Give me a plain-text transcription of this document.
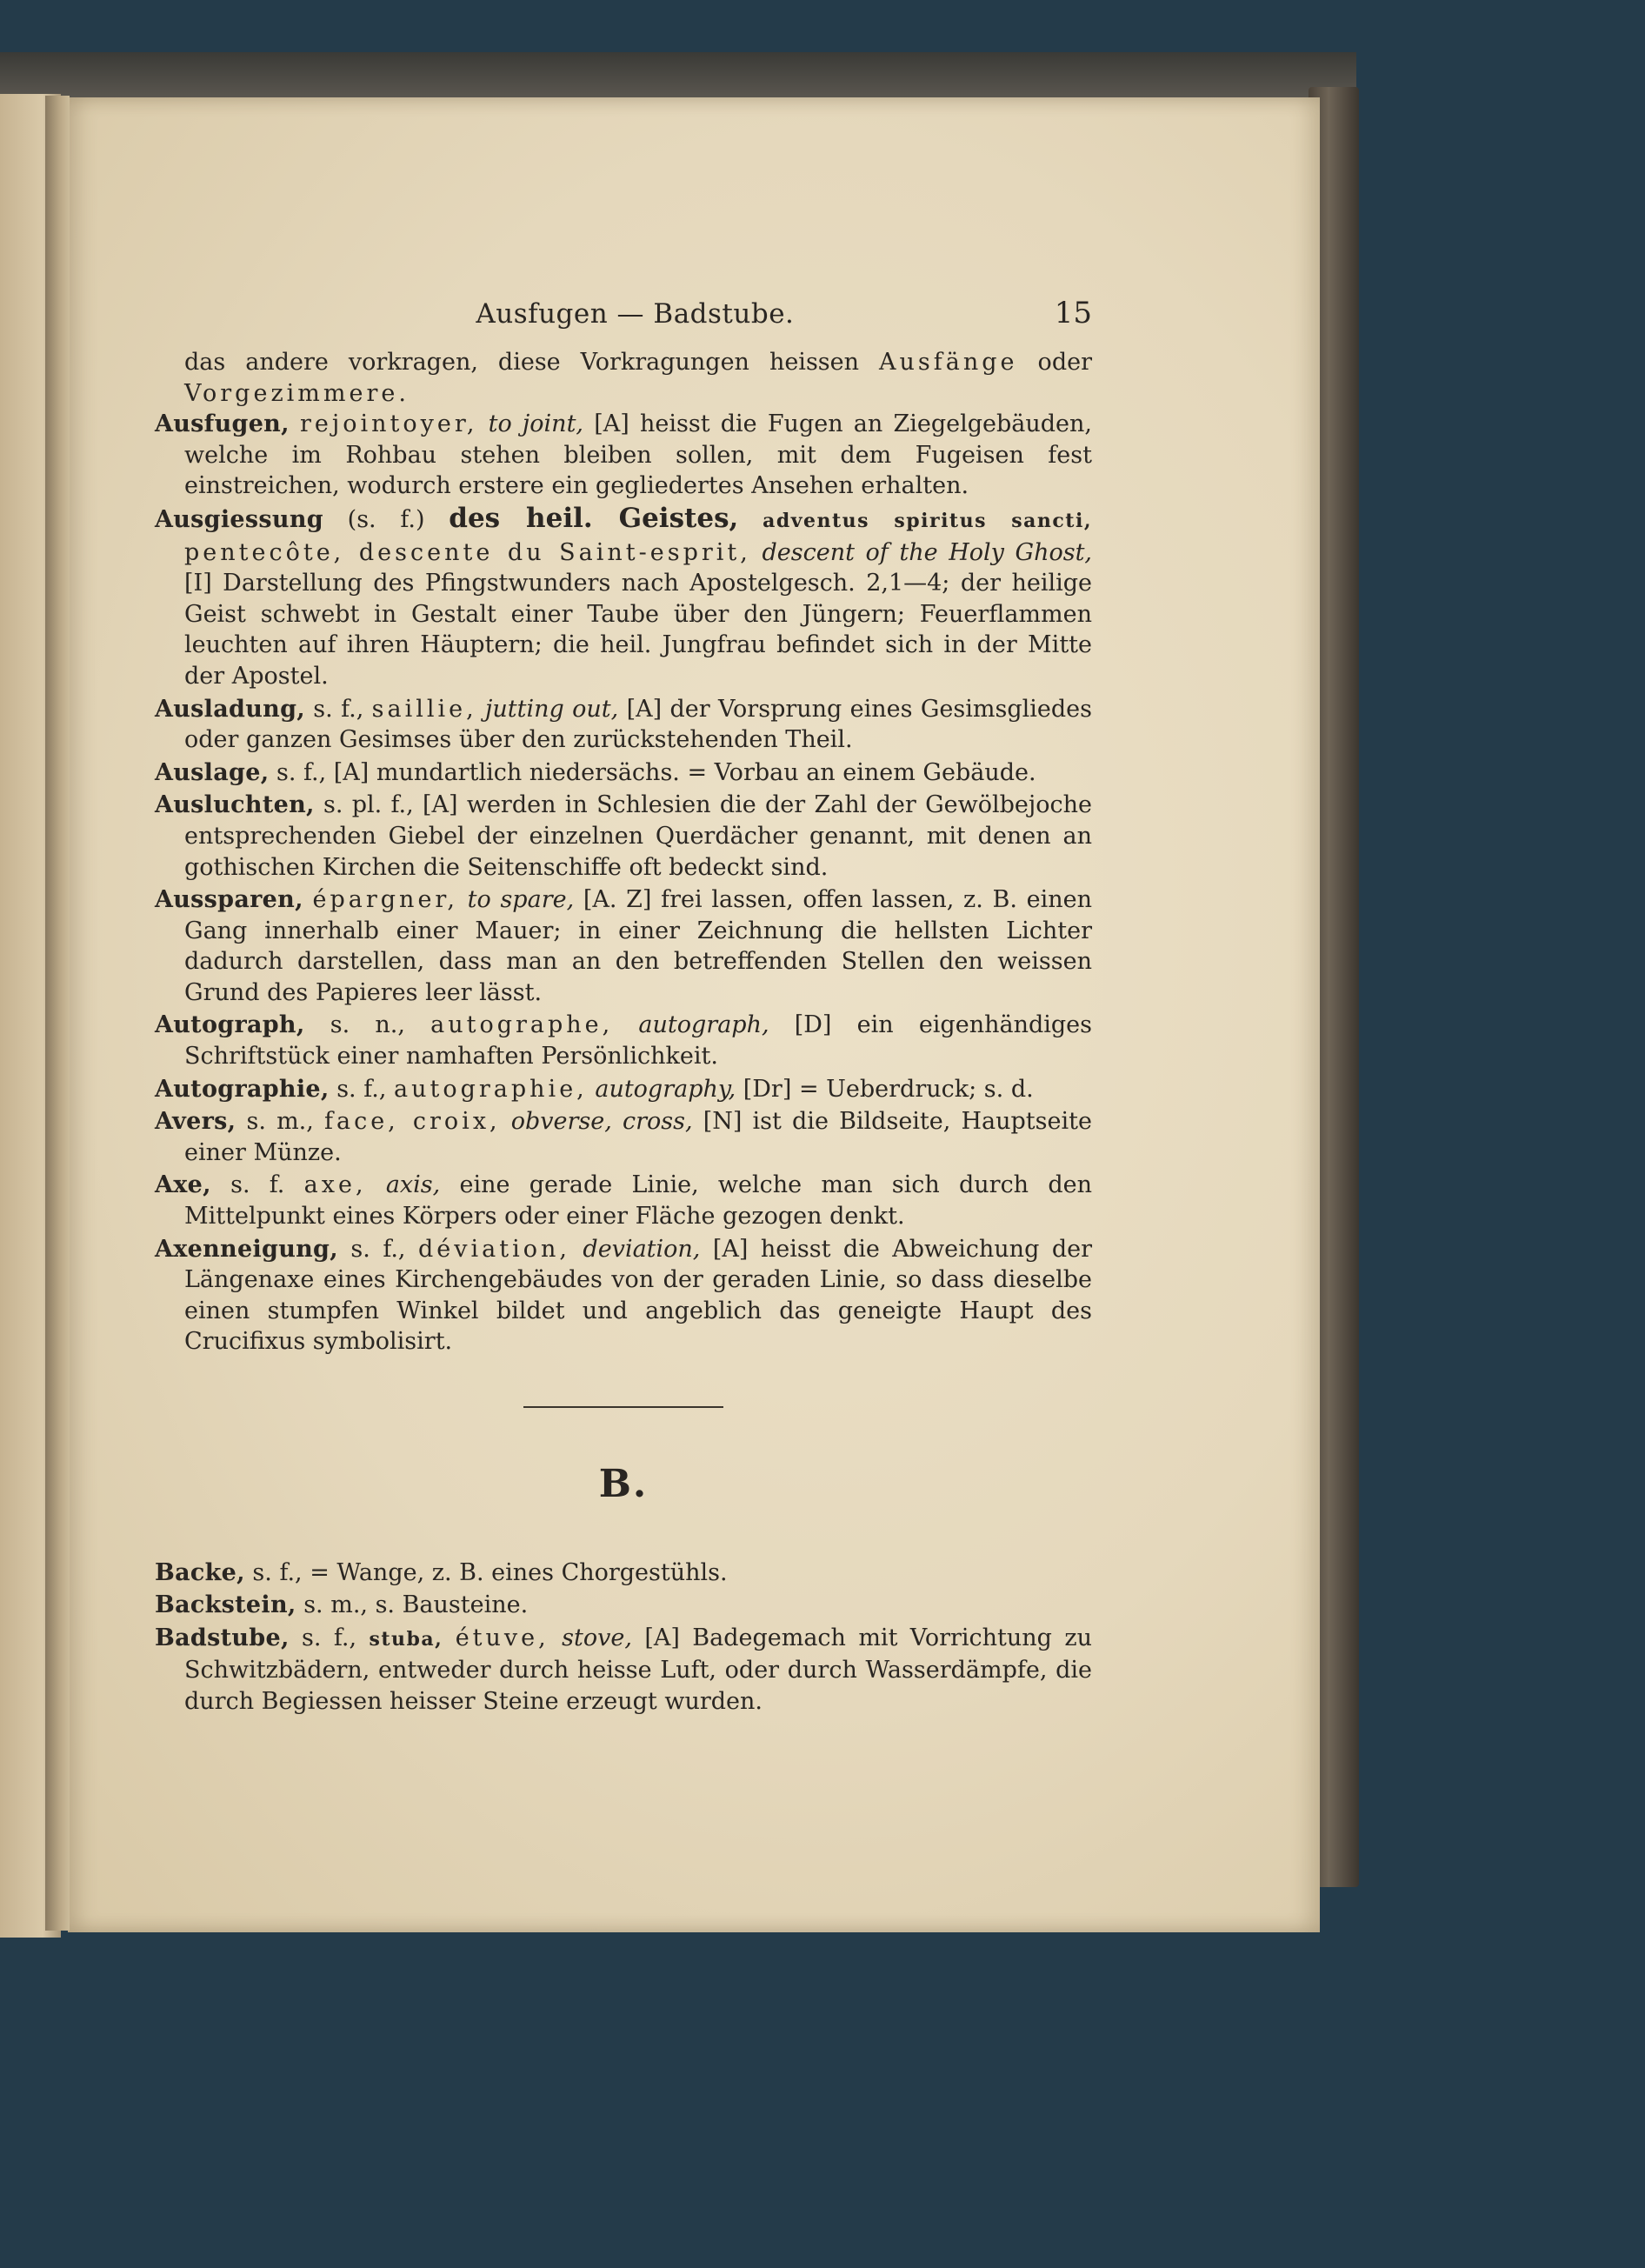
Ausfugen — Badstube.	15

das andere vorkragen, diese Vorkragungen heissen Ausfänge oder Vorgezimmere.

Ausfugen, rejointoyer, to joint, [A] heisst die Fugen an Ziegelgebäuden, welche im Rohbau stehen bleiben sollen, mit dem Fugeisen fest einstreichen, wodurch erstere ein gegliedertes Ansehen erhalten.

Ausgiessung (s. f.) des heil. Geistes, adventus spiritus sancti, pentecôte, descente du Saint-esprit, descent of the Holy Ghost, [I] Darstellung des Pfingstwunders nach Apostelgesch. 2,1—4; der heilige Geist schwebt in Gestalt einer Taube über den Jüngern; Feuerflammen leuchten auf ihren Häuptern; die heil. Jungfrau befindet sich in der Mitte der Apostel.

Ausladung, s. f., saillie, jutting out, [A] der Vorsprung eines Gesimsgliedes oder ganzen Gesimses über den zurückstehenden Theil.

Auslage, s. f., [A] mundartlich niedersächs. = Vorbau an einem Gebäude.

Ausluchten, s. pl. f., [A] werden in Schlesien die der Zahl der Gewölbejoche entsprechenden Giebel der einzelnen Querdächer genannt, mit denen an gothischen Kirchen die Seitenschiffe oft bedeckt sind.

Aussparen, épargner, to spare, [A. Z] frei lassen, offen lassen, z. B. einen Gang innerhalb einer Mauer; in einer Zeichnung die hellsten Lichter dadurch darstellen, dass man an den betreffenden Stellen den weissen Grund des Papieres leer lässt.

Autograph, s. n., autographe, autograph, [D] ein eigenhändiges Schriftstück einer namhaften Persönlichkeit.

Autographie, s. f., autographie, autography, [Dr] = Ueberdruck; s. d.

Avers, s. m., face, croix, obverse, cross, [N] ist die Bildseite, Hauptseite einer Münze.

Axe, s. f. axe, axis, eine gerade Linie, welche man sich durch den Mittelpunkt eines Körpers oder einer Fläche gezogen denkt.

Axenneigung, s. f., déviation, deviation, [A] heisst die Abweichung der Längenaxe eines Kirchengebäudes von der geraden Linie, so dass dieselbe einen stumpfen Winkel bildet und angeblich das geneigte Haupt des Crucifixus symbolisirt.

B.

Backe, s. f., = Wange, z. B. eines Chorgestühls.

Backstein, s. m., s. Bausteine.

Badstube, s. f., stuba, étuve, stove, [A] Badegemach mit Vorrichtung zu Schwitzbädern, entweder durch heisse Luft, oder durch Wasserdämpfe, die durch Begiessen heisser Steine erzeugt wurden.
